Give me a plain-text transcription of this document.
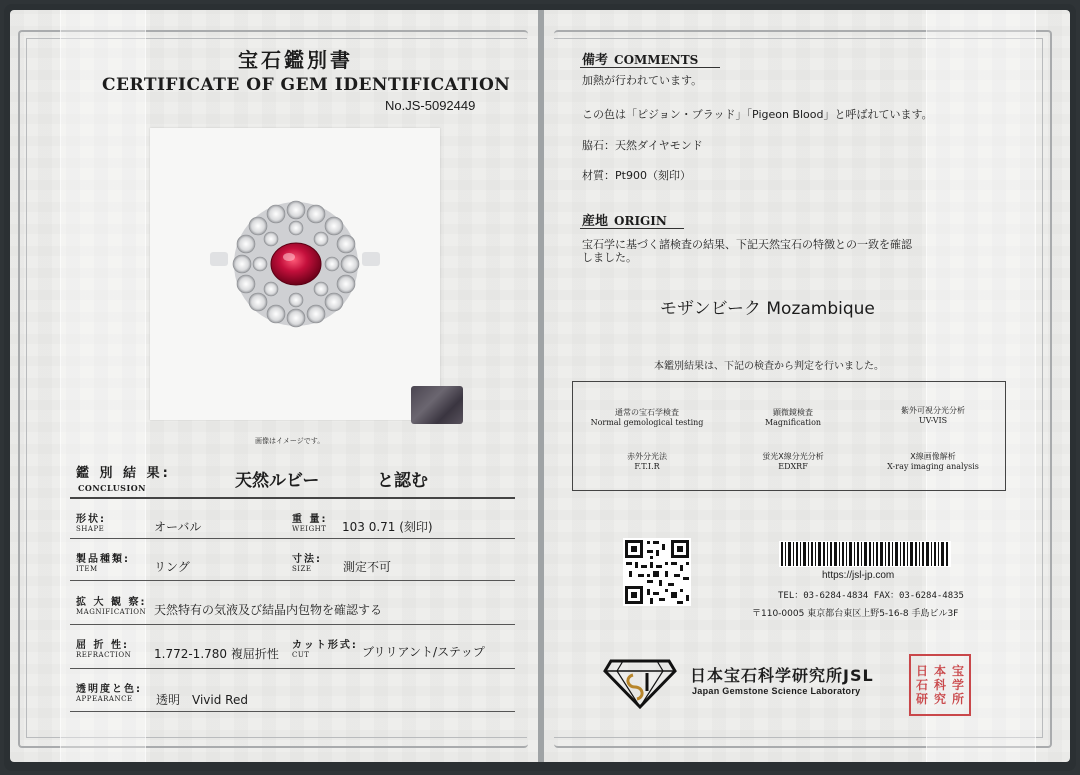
宝石鑑別書
CERTIFICATE OF GEM IDENTIFICATION
No.JS-5092449
画像はイメージです。
鑑 別 結 果:
CONCLUSION	天然ルビー	と認む
形状:
SHAPE	オーバル
重 量:
WEIGHT 103 0.71 (刻印)
製品種類:
ITEM	リング
寸法:
SIZE	測定不可
拡 大 観 察:
MAGNIFICATION 天然特有の気液及び結晶内包物を確認する
屈 折 性:
REFRACTION 1.772-1.780 複屈折性
カット形式:
CUT	ブリリアント/ステップ
透明度と色:
APPEARANCE 透明　Vivid Red
備考 COMMENTS
加熱が行われています。
この色は「ピジョン・ブラッド」「Pigeon Blood」と呼ばれています。
脇石：天然ダイヤモンド
材質：Pt900（刻印）
産地 ORIGIN
宝石学に基づく諸検査の結果、下記天然宝石の特徴との一致を確認
しました。
モザンビーク Mozambique
本鑑別結果は、下記の検査から判定を行いました。
通常の宝石学検査
Normal gemological testing
顕微鏡検査
Magnification
紫外可視分光分析
UV-VIS
赤外分光法
F.T.I.R
蛍光X線分光分析
EDXRF
X線画像解析
X-ray imaging analysis
https://jsl-jp.com
TEL：03-6284-4834 FAX：03-6284-4835
〒110-0005 東京都台東区上野5-16-8 手島ビル3F
日本宝石科学研究所JSL
Japan Gemstone Science Laboratory
日 本 宝
石 科 学
研 究 所
